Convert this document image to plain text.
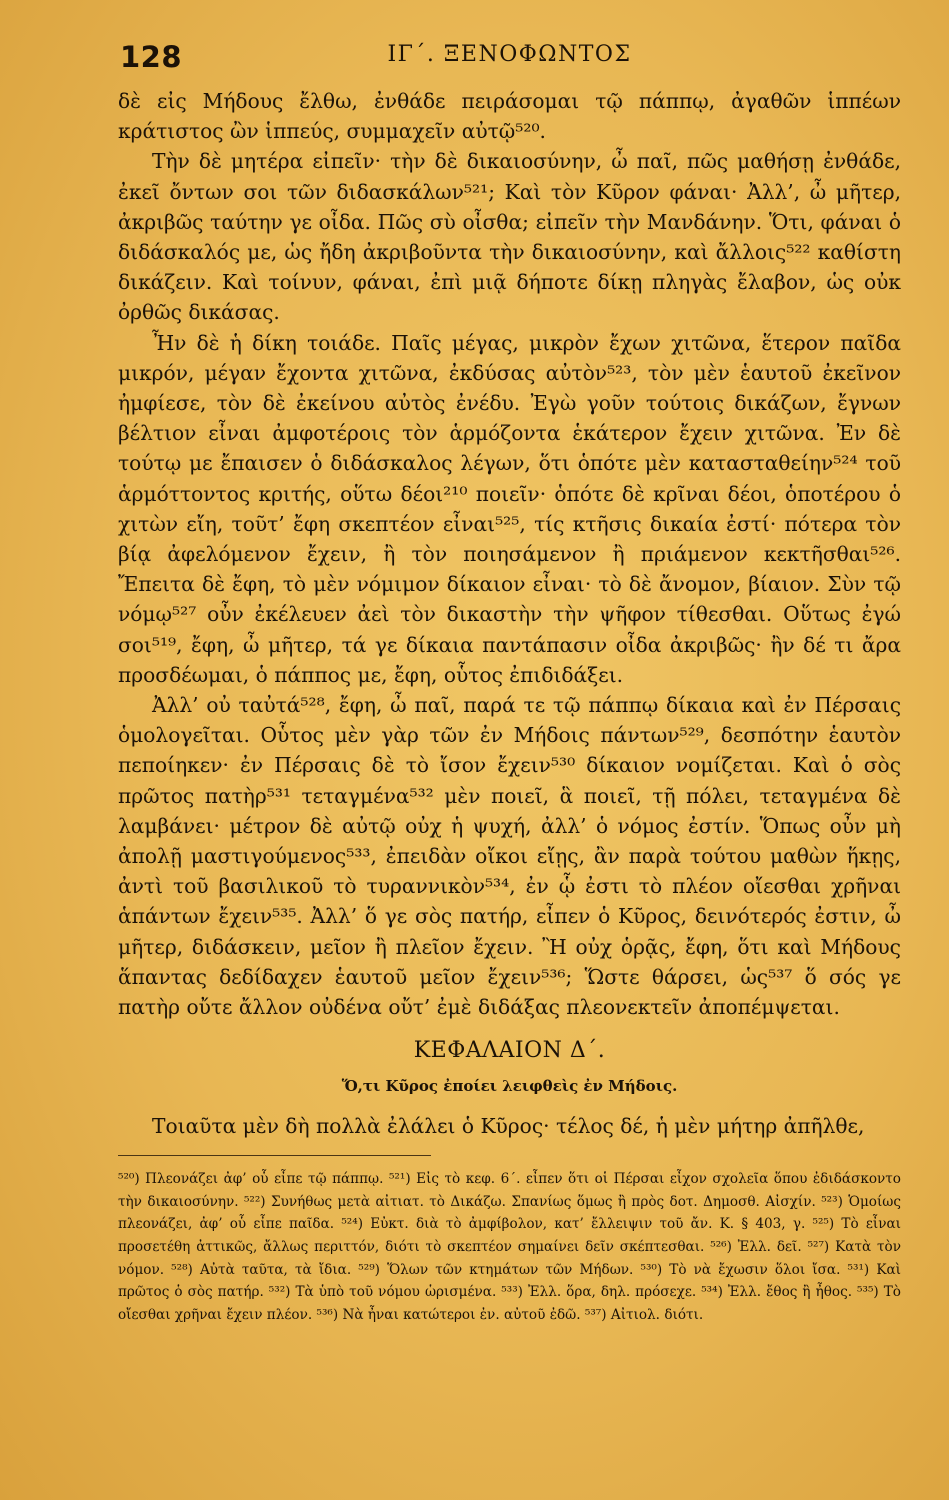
128	ΙΓ΄. ΞΕΝΟΦΩΝΤΟΣ

δὲ εἰς Μήδους ἔλθω, ἐνθάδε πειράσομαι τῷ πάππῳ, ἀγαθῶν ἱππέων κράτιστος ὢν ἱππεύς, συμμαχεῖν αὐτῷ⁵²⁰.

Τὴν δὲ μητέρα εἰπεῖν· τὴν δὲ δικαιοσύνην, ὦ παῖ, πῶς μαθήσῃ ἐνθάδε, ἐκεῖ ὄντων σοι τῶν διδασκάλων⁵²¹; Καὶ τὸν Κῦρον φάναι· Ἀλλ’, ὦ μῆτερ, ἀκριβῶς ταύτην γε οἶδα. Πῶς σὺ οἶσθα; εἰπεῖν τὴν Μανδάνην. Ὅτι, φάναι ὁ διδάσκαλός με, ὡς ἤδη ἀκριβοῦντα τὴν δικαιοσύνην, καὶ ἄλλοις⁵²² καθίστη δικάζειν. Καὶ τοίνυν, φάναι, ἐπὶ μιᾷ δήποτε δίκῃ πληγὰς ἔλαβον, ὡς οὐκ ὀρθῶς δικάσας.

Ἦν δὲ ἡ δίκη τοιάδε. Παῖς μέγας, μικρὸν ἔχων χιτῶνα, ἕτερον παῖδα μικρόν, μέγαν ἔχοντα χιτῶνα, ἐκδύσας αὐτὸν⁵²³, τὸν μὲν ἑαυτοῦ ἐκεῖνον ἠμφίεσε, τὸν δὲ ἐκείνου αὐτὸς ἐνέδυ. Ἐγὼ γοῦν τούτοις δικάζων, ἔγνων βέλτιον εἶναι ἀμφοτέροις τὸν ἁρμόζοντα ἑκάτερον ἔχειν χιτῶνα. Ἐν δὲ τούτῳ με ἔπαισεν ὁ διδάσκαλος λέγων, ὅτι ὁπότε μὲν κατασταθείην⁵²⁴ τοῦ ἁρμόττοντος κριτής, οὕτω δέοι²¹⁰ ποιεῖν· ὁπότε δὲ κρῖναι δέοι, ὁποτέρου ὁ χιτὼν εἴη, τοῦτ’ ἔφη σκεπτέον εἶναι⁵²⁵, τίς κτῆσις δικαία ἐστί· πότερα τὸν βίᾳ ἀφελόμενον ἔχειν, ἢ τὸν ποιησάμενον ἢ πριάμενον κεκτῆσθαι⁵²⁶. Ἔπειτα δὲ ἔφη, τὸ μὲν νόμιμον δίκαιον εἶναι· τὸ δὲ ἄνομον, βίαιον. Σὺν τῷ νόμῳ⁵²⁷ οὖν ἐκέλευεν ἀεὶ τὸν δικαστὴν τὴν ψῆφον τίθεσθαι. Οὕτως ἐγώ σοι⁵¹⁹, ἔφη, ὦ μῆτερ, τά γε δίκαια παντάπασιν οἶδα ἀκριβῶς· ἢν δέ τι ἄρα προσδέωμαι, ὁ πάππος με, ἔφη, οὗτος ἐπιδιδάξει.

Ἀλλ’ οὐ ταὐτά⁵²⁸, ἔφη, ὦ παῖ, παρά τε τῷ πάππῳ δίκαια καὶ ἐν Πέρσαις ὁμολογεῖται. Οὗτος μὲν γὰρ τῶν ἐν Μήδοις πάντων⁵²⁹, δεσπότην ἑαυτὸν πεποίηκεν· ἐν Πέρσαις δὲ τὸ ἴσον ἔχειν⁵³⁰ δίκαιον νομίζεται. Καὶ ὁ σὸς πρῶτος πατὴρ⁵³¹ τεταγμένα⁵³² μὲν ποιεῖ, ἃ ποιεῖ, τῇ πόλει, τεταγμένα δὲ λαμβάνει· μέτρον δὲ αὐτῷ οὐχ ἡ ψυχή, ἀλλ’ ὁ νόμος ἐστίν. Ὅπως οὖν μὴ ἀπολῇ μαστιγούμενος⁵³³, ἐπειδὰν οἴκοι εἴῃς, ἂν παρὰ τούτου μαθὼν ἥκῃς, ἀντὶ τοῦ βασιλικοῦ τὸ τυραννικὸν⁵³⁴, ἐν ᾧ ἐστι τὸ πλέον οἴεσθαι χρῆναι ἁπάντων ἔχειν⁵³⁵. Ἀλλ’ ὅ γε σὸς πατήρ, εἶπεν ὁ Κῦρος, δεινότερός ἐστιν, ὦ μῆτερ, διδάσκειν, μεῖον ἢ πλεῖον ἔχειν. Ἢ οὐχ ὁρᾷς, ἔφη, ὅτι καὶ Μήδους ἅπαντας δεδίδαχεν ἑαυτοῦ μεῖον ἔχειν⁵³⁶; Ὥστε θάρσει, ὡς⁵³⁷ ὅ σός γε πατὴρ οὔτε ἄλλον οὐδένα οὔτ’ ἐμὲ διδάξας πλεονεκτεῖν ἀποπέμψεται.

ΚΕΦΑΛΑΙΟΝ Δ΄.
Ὅ,τι Κῦρος ἐποίει λειφθεὶς ἐν Μήδοις.

Τοιαῦτα μὲν δὴ πολλὰ ἐλάλει ὁ Κῦρος· τέλος δέ, ἡ μὲν μήτηρ ἀπῆλθε,

⁵²⁰) Πλεονάζει ἀφ’ οὗ εἶπε τῷ πάππῳ. ⁵²¹) Εἰς τὸ κεφ. 6΄. εἶπεν ὅτι οἱ Πέρσαι εἶχον σχολεῖα ὅπου ἐδιδάσκοντο τὴν δικαιοσύνην. ⁵²²) Συνήθως μετὰ αἰτιατ. τὸ Δικάζω. Σπανίως ὅμως ἢ πρὸς δοτ. Δημοσθ. Αἰσχίν. ⁵²³) Ὁμοίως πλεονάζει, ἀφ’ οὗ εἶπε παῖδα. ⁵²⁴) Εὐκτ. διὰ τὸ ἀμφίβολον, κατ’ ἔλλειψιν τοῦ ἄν. Κ. § 403, γ. ⁵²⁵) Τὸ εἶναι προσετέθη ἀττικῶς, ἄλλως περιττόν, διότι τὸ σκεπτέον σημαίνει δεῖν σκέπτεσθαι. ⁵²⁶) Ἐλλ. δεῖ. ⁵²⁷) Κατὰ τὸν νόμον. ⁵²⁸) Αὐτὰ ταῦτα, τὰ ἴδια. ⁵²⁹) Ὅλων τῶν κτημάτων τῶν Μήδων. ⁵³⁰) Τὸ νὰ ἔχωσιν ὅλοι ἴσα. ⁵³¹) Καὶ πρῶτος ὁ σὸς πατήρ. ⁵³²) Τὰ ὑπὸ τοῦ νόμου ὡρισμένα. ⁵³³) Ἐλλ. ὅρα, δηλ. πρόσεχε. ⁵³⁴) Ἐλλ. ἔθος ἢ ἦθος. ⁵³⁵) Τὸ οἴεσθαι χρῆναι ἔχειν πλέον. ⁵³⁶) Νὰ ἦναι κατώτεροι ἐν. αὐτοῦ ἐδῶ. ⁵³⁷) Αἰτιολ. διότι.
